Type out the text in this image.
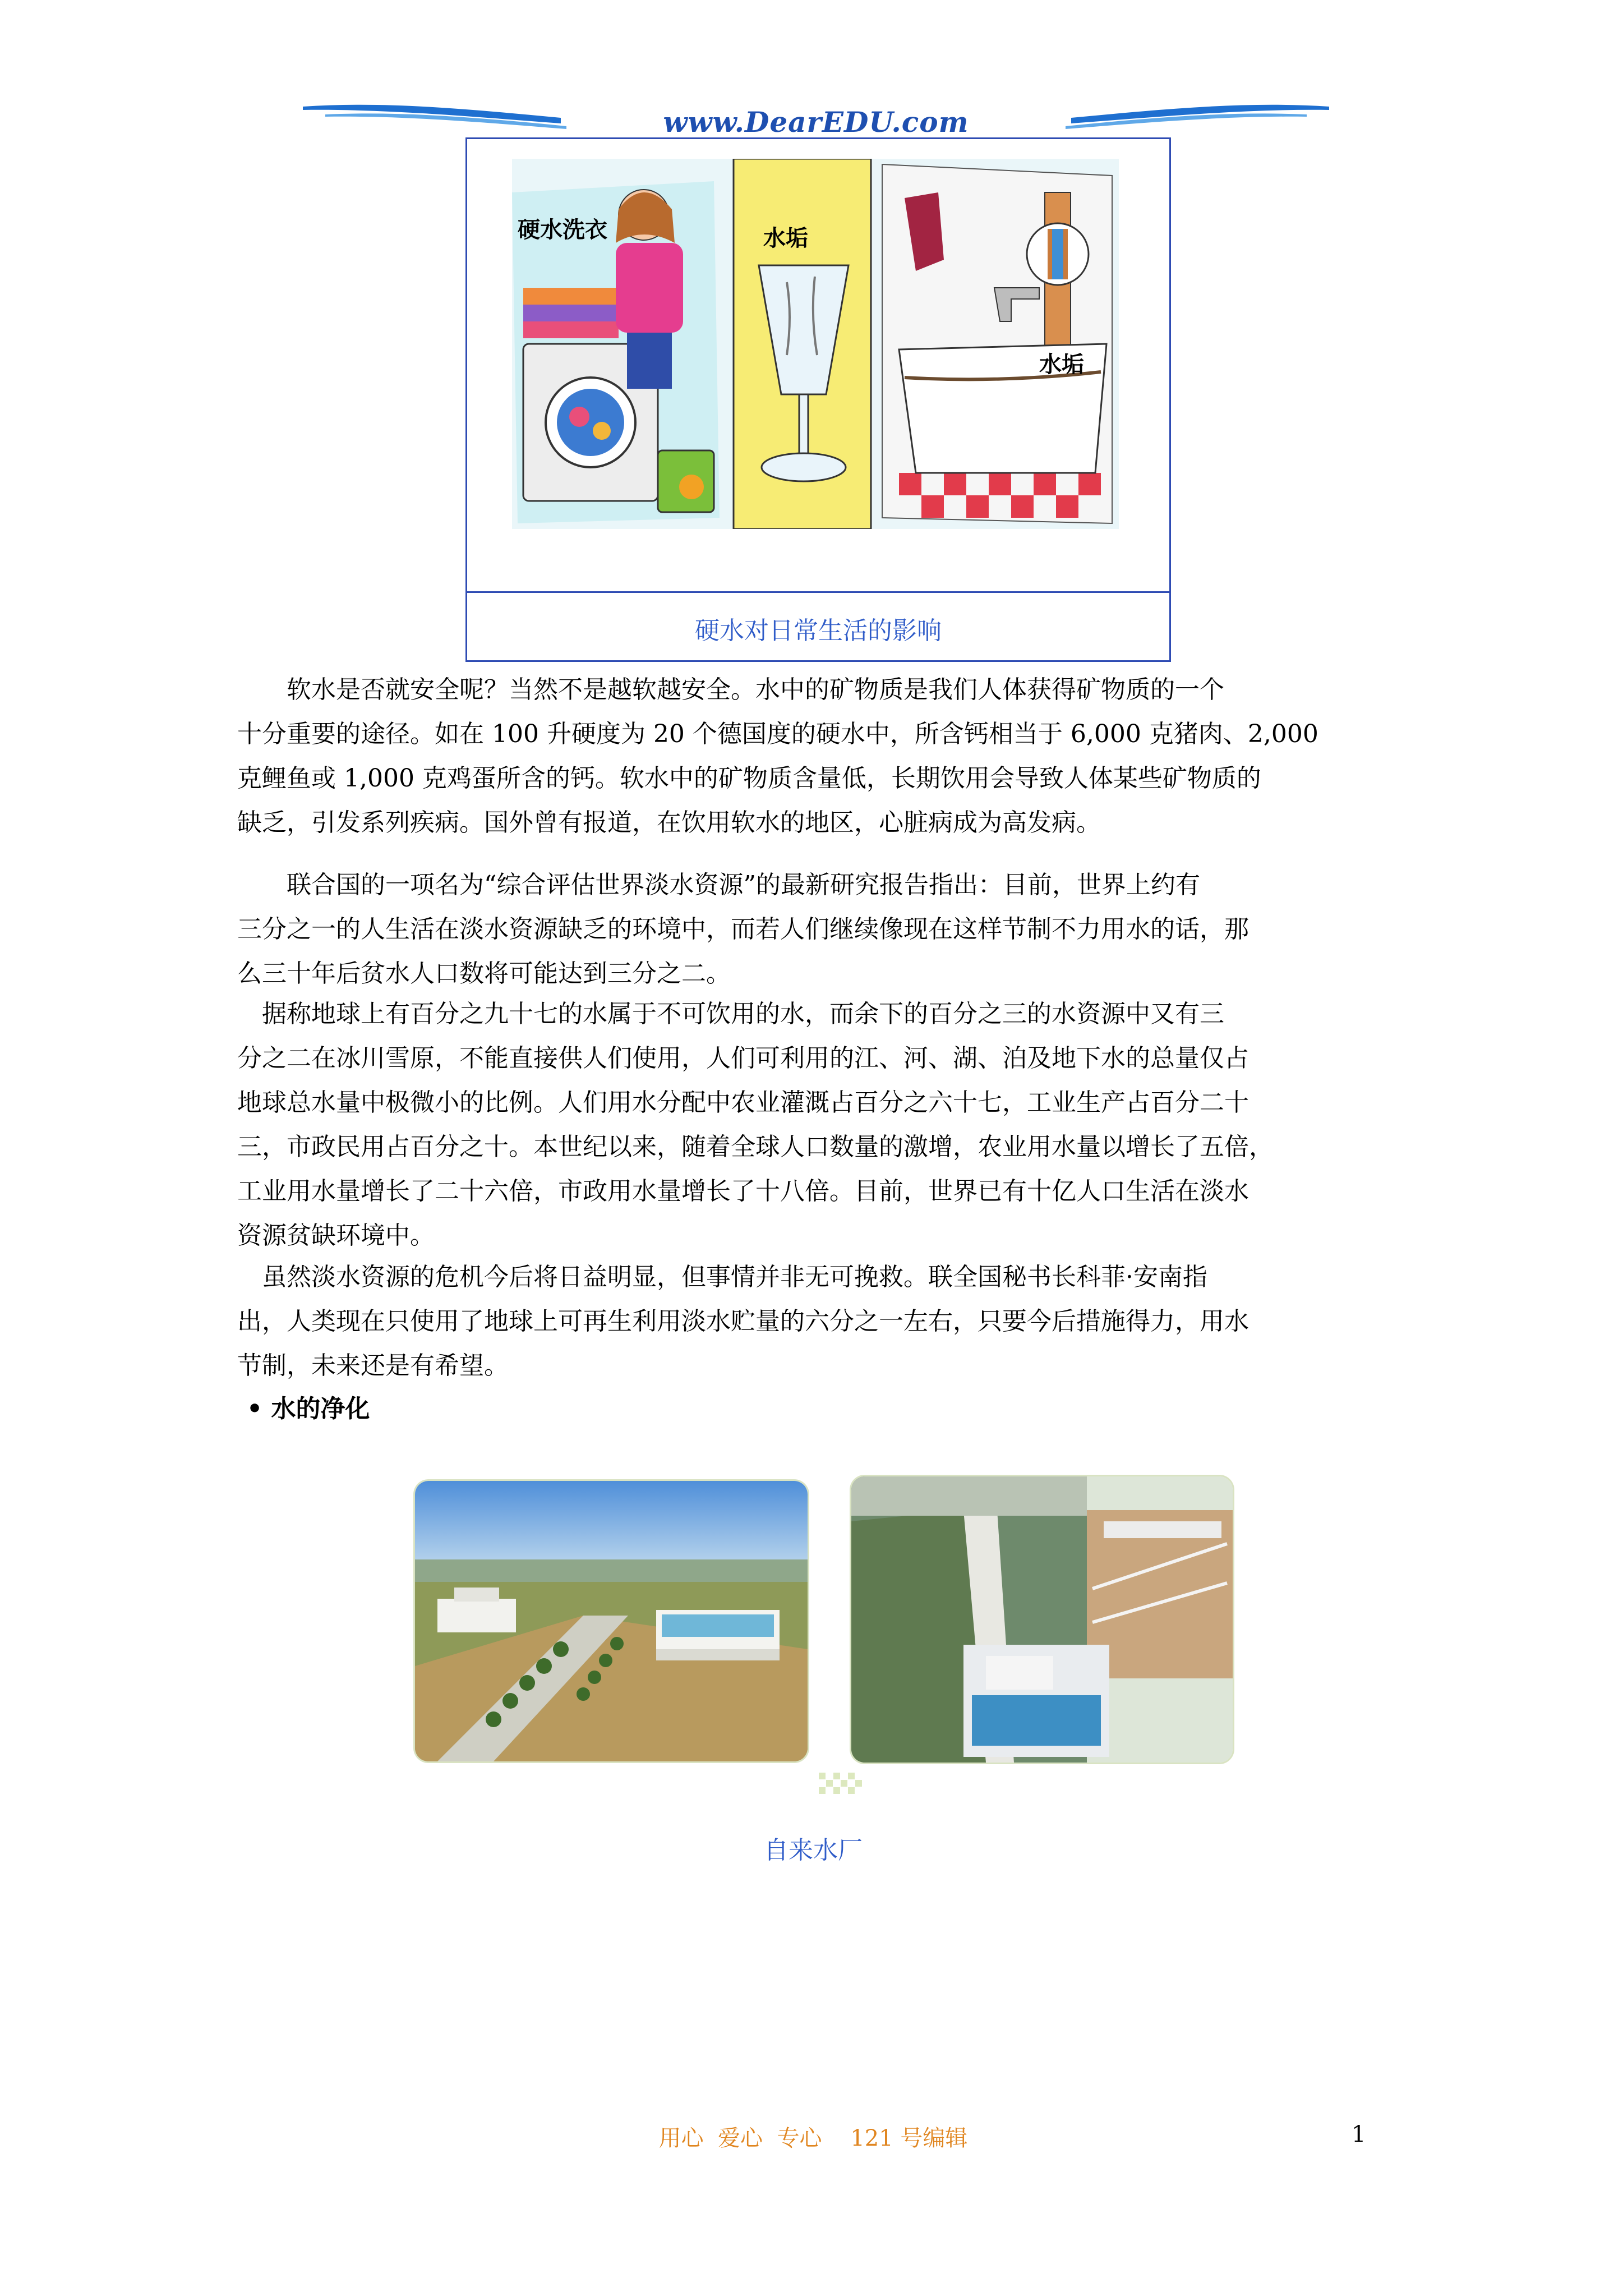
www.DearEDU.com
硬水洗衣	水垢
水垢
硬水对日常生活的影响
　　软水是否就安全呢？当然不是越软越安全。水中的矿物质是我们人体获得矿物质的一个
十分重要的途径。如在 100 升硬度为 20 个德国度的硬水中，所含钙相当于 6,000 克猪肉、2,000
克鲤鱼或 1,000 克鸡蛋所含的钙。软水中的矿物质含量低，长期饮用会导致人体某些矿物质的
缺乏，引发系列疾病。国外曾有报道，在饮用软水的地区，心脏病成为高发病。
　　联合国的一项名为“综合评估世界淡水资源”的最新研究报告指出：目前，世界上约有
三分之一的人生活在淡水资源缺乏的环境中，而若人们继续像现在这样节制不力用水的话，那
么三十年后贫水人口数将可能达到三分之二。
　据称地球上有百分之九十七的水属于不可饮用的水，而余下的百分之三的水资源中又有三
分之二在冰川雪原，不能直接供人们使用，人们可利用的江、河、湖、泊及地下水的总量仅占
地球总水量中极微小的比例。人们用水分配中农业灌溉占百分之六十七，工业生产占百分二十
三，市政民用占百分之十。本世纪以来，随着全球人口数量的激增，农业用水量以增长了五倍，
工业用水量增长了二十六倍，市政用水量增长了十八倍。目前，世界已有十亿人口生活在淡水
资源贫缺环境中。
　虽然淡水资源的危机今后将日益明显，但事情并非无可挽救。联全国秘书长科菲·安南指
出，人类现在只使用了地球上可再生利用淡水贮量的六分之一左右，只要今后措施得力，用水
节制，未来还是有希望。
• 水的净化
自来水厂
用心  爱心  专心    121 号编辑	1
